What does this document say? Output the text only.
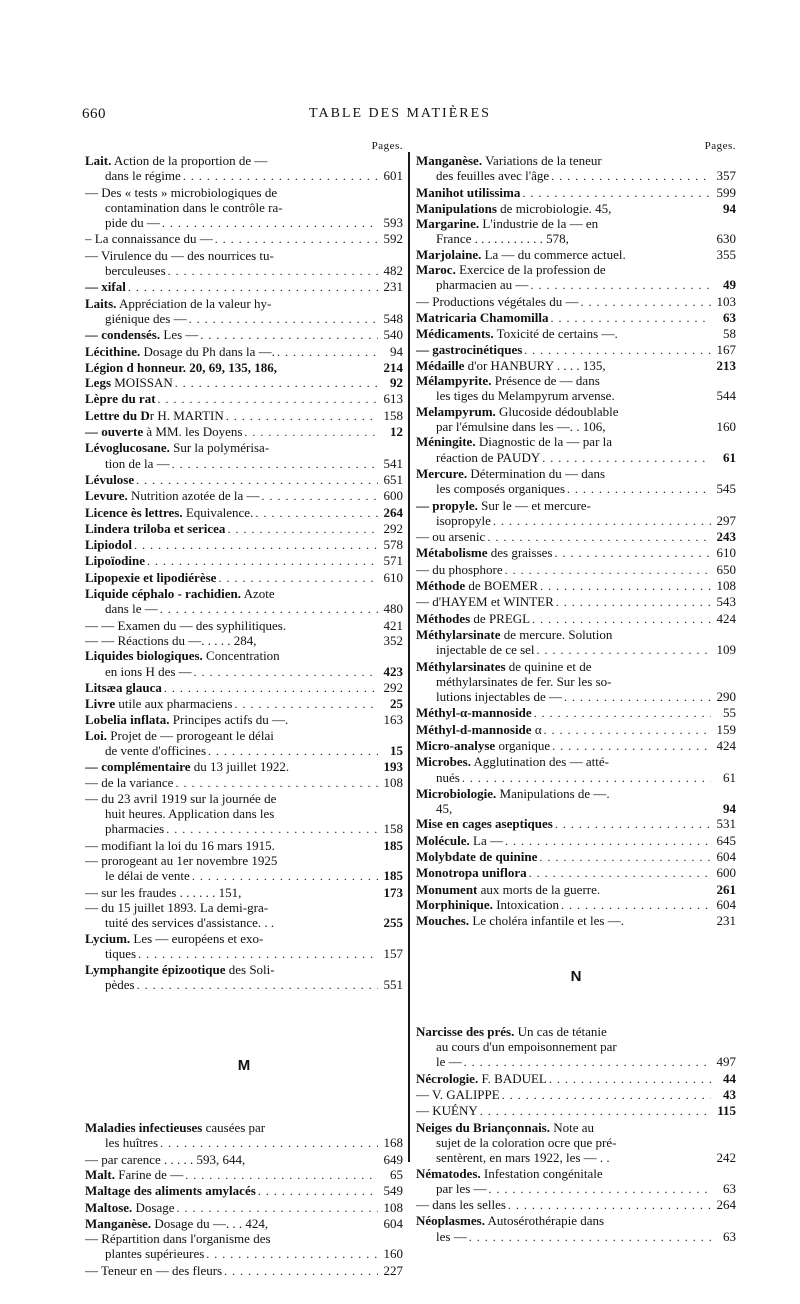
660	TABLE DES MATIÈRES
Pages.
Lait. Action de la proportion de —
dans le régime . . .	601
— Des « tests » microbiologiques de
contamination dans le contrôle ra-
pide du — . . .	593
– La connaissance du — . . .	592
— Virulence du — des nourrices tu-
berculeuses . . .	482
— xifal . . .	231
Laits. Appréciation de la valeur hy-
giénique des — . . .	548
— condensés. Les — . . .	540
Lécithine. Dosage du Ph dans la —. . . .	94
Légion d honneur. 20, 69, 135, 186,	214
Legs MOISSAN . . .	92
Lèpre du rat . . .	613
Lettre du Dr H. MARTIN . . .	158
— ouverte à MM. les Doyens . . .	12
Lévoglucosane. Sur la polymérisa-
tion de la — . . .	541
Lévulose . . .	651
Levure. Nutrition azotée de la — . . .	600
Licence ès lettres. Equivalence. . . .	264
Lindera triloba et sericea . . .	292
Lipiodol . . .	578
Lipoïodine . . .	571
Lipopexie et lipodiérèse . . .	610
Liquide céphalo - rachidien. Azote
dans le — . . .	480
— — Examen du — des syphilitiques.	421
— — Réactions du —. . . . . 284,	352
Liquides biologiques. Concentration
en ions H des — . . .	423
Litsæa glauca . . .	292
Livre utile aux pharmaciens . . .	25
Lobelia inflata. Principes actifs du —.	163
Loi. Projet de — prorogeant le délai
de vente d'officines . . .	15
— complémentaire du 13 juillet 1922.	193
— de la variance . . .	108
— du 23 avril 1919 sur la journée de
huit heures. Application dans les
pharmacies . . .	158
— modifiant la loi du 16 mars 1915.	185
— prorogeant au 1er novembre 1925
le délai de vente . . .	185
— sur les fraudes . . . . . . 151,	173
— du 15 juillet 1893. La demi-gra-
tuité des services d'assistance. . .	255
Lycium. Les — européens et exo-
tiques . . .	157
Lymphangite épizootique des Soli-
pèdes . . .	551
M
Maladies infectieuses causées par
les huîtres . . .	168
— par carence . . . . . 593, 644,	649
Malt. Farine de — . . .	65
Maltage des aliments amylacés . . .	549
Maltose. Dosage . . .	108
Manganèse. Dosage du —. . . 424,	604
— Répartition dans l'organisme des
plantes supérieures . . .	160
— Teneur en — des fleurs . . .	227
Pages.
Manganèse. Variations de la teneur
des feuilles avec l'âge . . .	357
Manihot utilissima . . .	599
Manipulations de microbiologie. 45,	94
Margarine. L'industrie de la — en
France . . . . . . . . . . . 578,	630
Marjolaine. La — du commerce actuel.	355
Maroc. Exercice de la profession de
pharmacien au — . . .	49
— Productions végétales du — . . .	103
Matricaria Chamomilla . . .	63
Médicaments. Toxicité de certains —.	58
— gastrocinétiques . . .	167
Médaille d'or HANBURY . . . . 135,	213
Mélampyrite. Présence de — dans
les tiges du Melampyrum arvense.	544
Melampyrum. Glucoside dédoublable
par l'émulsine dans les —. . 106,	160
Méningite. Diagnostic de la — par la
réaction de PAUDY . . .	61
Mercure. Détermination du — dans
les composés organiques . . .	545
— propyle. Sur le — et mercure-
isopropyle . . .	297
— ou arsenic . . .	243
Métabolisme des graisses . . .	610
— du phosphore . . .	650
Méthode de BOEMER . . .	108
— d'HAYEM et WINTER . . .	543
Méthodes de PREGL . . .	424
Méthylarsinate de mercure. Solution
injectable de ce sel . . .	109
Méthylarsinates de quinine et de
méthylarsinates de fer. Sur les so-
lutions injectables de — . . .	290
Méthyl-α-mannoside . . .	55
Méthyl-d-mannoside α . . .	159
Micro-analyse organique . . .	424
Microbes. Agglutination des — atté-
nués . . .	61
Microbiologie. Manipulations de —.
45,	94
Mise en cages aseptiques . . .	531
Molécule. La — . . .	645
Molybdate de quinine . . .	604
Monotropa uniflora . . .	600
Monument aux morts de la guerre.	261
Morphinique. Intoxication . . .	604
Mouches. Le choléra infantile et les —.	231
N
Narcisse des prés. Un cas de tétanie
au cours d'un empoisonnement par
le — . . .	497
Nécrologie. F. BADUEL . . .	44
— V. GALIPPE . . .	43
— KUÉNY . . .	115
Neiges du Briançonnais. Note au
sujet de la coloration ocre que pré-
sentèrent, en mars 1922, les — . .	242
Nématodes. Infestation congénitale
par les — . . .	63
— dans les selles . . .	264
Néoplasmes. Autosérothérapie dans
les — . . .	63
